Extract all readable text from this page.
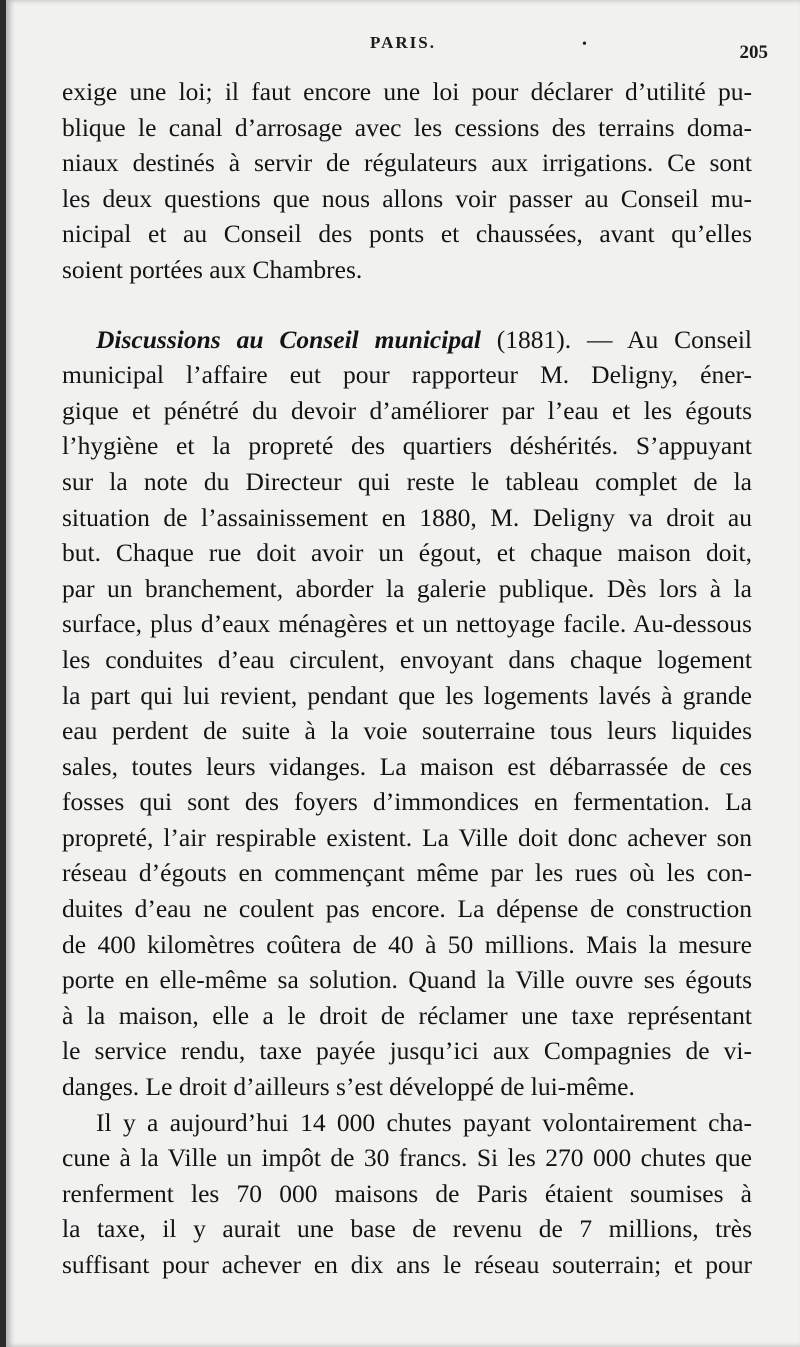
PARIS.	•	205
exige une loi; il faut encore une loi pour déclarer d’utilité pu-
blique le canal d’arrosage avec les cessions des terrains doma-
niaux destinés à servir de régulateurs aux irrigations. Ce sont
les deux questions que nous allons voir passer au Conseil mu-
nicipal et au Conseil des ponts et chaussées, avant qu’elles
soient portées aux Chambres.
Discussions au Conseil municipal (1881). — Au Conseil
municipal l’affaire eut pour rapporteur M. Deligny, éner-
gique et pénétré du devoir d’améliorer par l’eau et les égouts
l’hygiène et la propreté des quartiers déshérités. S’appuyant
sur la note du Directeur qui reste le tableau complet de la
situation de l’assainissement en 1880, M. Deligny va droit au
but. Chaque rue doit avoir un égout, et chaque maison doit,
par un branchement, aborder la galerie publique. Dès lors à la
surface, plus d’eaux ménagères et un nettoyage facile. Au-dessous
les conduites d’eau circulent, envoyant dans chaque logement
la part qui lui revient, pendant que les logements lavés à grande
eau perdent de suite à la voie souterraine tous leurs liquides
sales, toutes leurs vidanges. La maison est débarrassée de ces
fosses qui sont des foyers d’immondices en fermentation. La
propreté, l’air respirable existent. La Ville doit donc achever son
réseau d’égouts en commençant même par les rues où les con-
duites d’eau ne coulent pas encore. La dépense de construction
de 400 kilomètres coûtera de 40 à 50 millions. Mais la mesure
porte en elle-même sa solution. Quand la Ville ouvre ses égouts
à la maison, elle a le droit de réclamer une taxe représentant
le service rendu, taxe payée jusqu’ici aux Compagnies de vi-
danges. Le droit d’ailleurs s’est développé de lui-même.
Il y a aujourd’hui 14 000 chutes payant volontairement cha-
cune à la Ville un impôt de 30 francs. Si les 270 000 chutes que
renferment les 70 000 maisons de Paris étaient soumises à
la taxe, il y aurait une base de revenu de 7 millions, très
suffisant pour achever en dix ans le réseau souterrain; et pour
